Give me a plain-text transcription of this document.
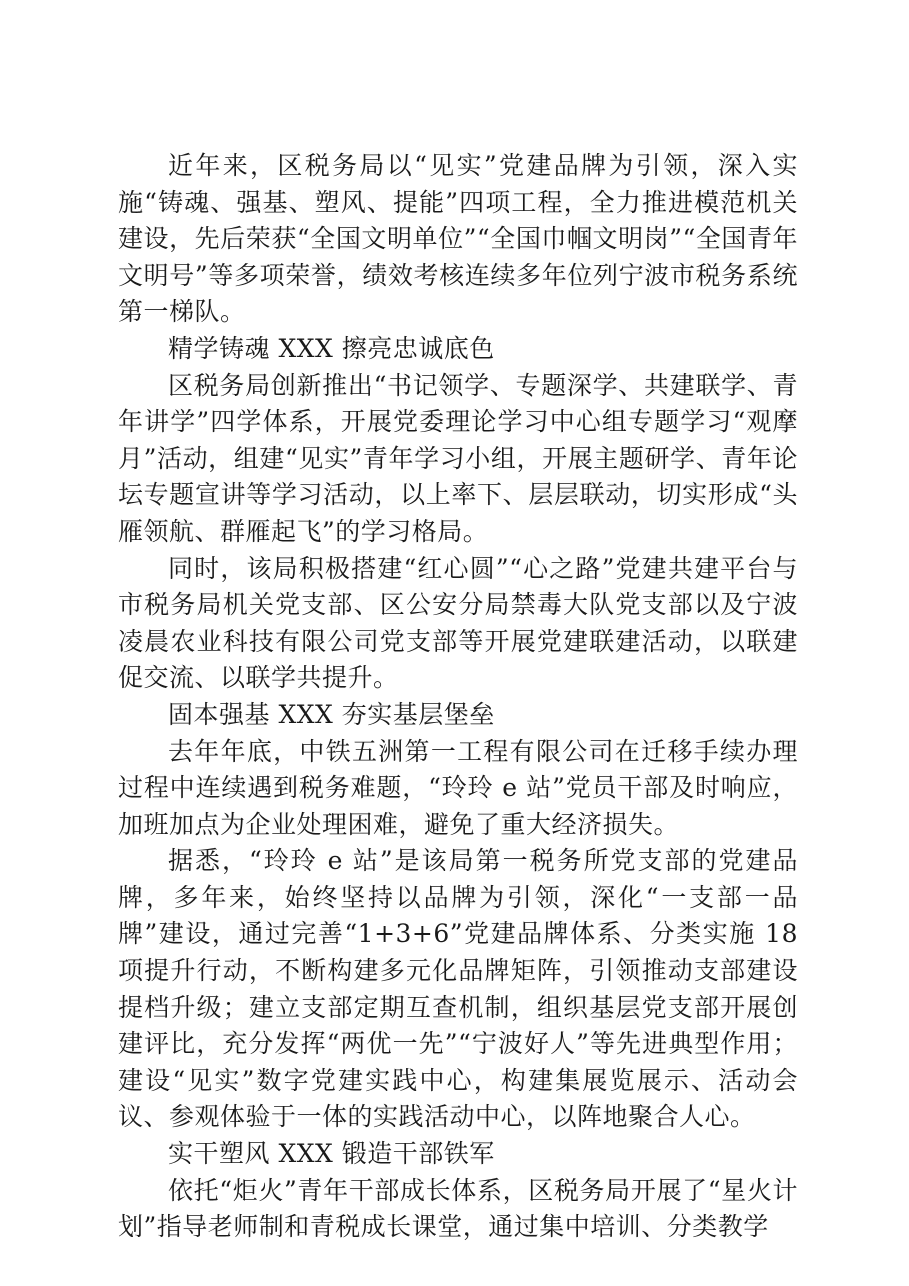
近年来，区税务局以“见实”党建品牌为引领，深入实施“铸魂、强基、塑风、提能”四项工程，全力推进模范机关建设，先后荣获“全国文明单位”“全国巾帼文明岗”“全国青年文明号”等多项荣誉，绩效考核连续多年位列宁波市税务系统第一梯队。

精学铸魂 XXX 擦亮忠诚底色

区税务局创新推出“书记领学、专题深学、共建联学、青年讲学”四学体系，开展党委理论学习中心组专题学习“观摩月”活动，组建“见实”青年学习小组，开展主题研学、青年论坛专题宣讲等学习活动，以上率下、层层联动，切实形成“头雁领航、群雁起飞”的学习格局。

同时，该局积极搭建“红心圆”“心之路”党建共建平台与市税务局机关党支部、区公安分局禁毒大队党支部以及宁波凌晨农业科技有限公司党支部等开展党建联建活动，以联建促交流、以联学共提升。

固本强基 XXX 夯实基层堡垒

去年年底，中铁五洲第一工程有限公司在迁移手续办理过程中连续遇到税务难题，“玲玲 e 站”党员干部及时响应，加班加点为企业处理困难，避免了重大经济损失。

据悉，“玲玲 e 站”是该局第一税务所党支部的党建品牌，多年来，始终坚持以品牌为引领，深化“一支部一品牌”建设，通过完善“1+3+6”党建品牌体系、分类实施 18 项提升行动，不断构建多元化品牌矩阵，引领推动支部建设提档升级；建立支部定期互查机制，组织基层党支部开展创建评比，充分发挥“两优一先”“宁波好人”等先进典型作用；建设“见实”数字党建实践中心，构建集展览展示、活动会议、参观体验于一体的实践活动中心，以阵地聚合人心。

实干塑风 XXX 锻造干部铁军

依托“炬火”青年干部成长体系，区税务局开展了“星火计划”指导老师制和青税成长课堂，通过集中培训、分类教学
